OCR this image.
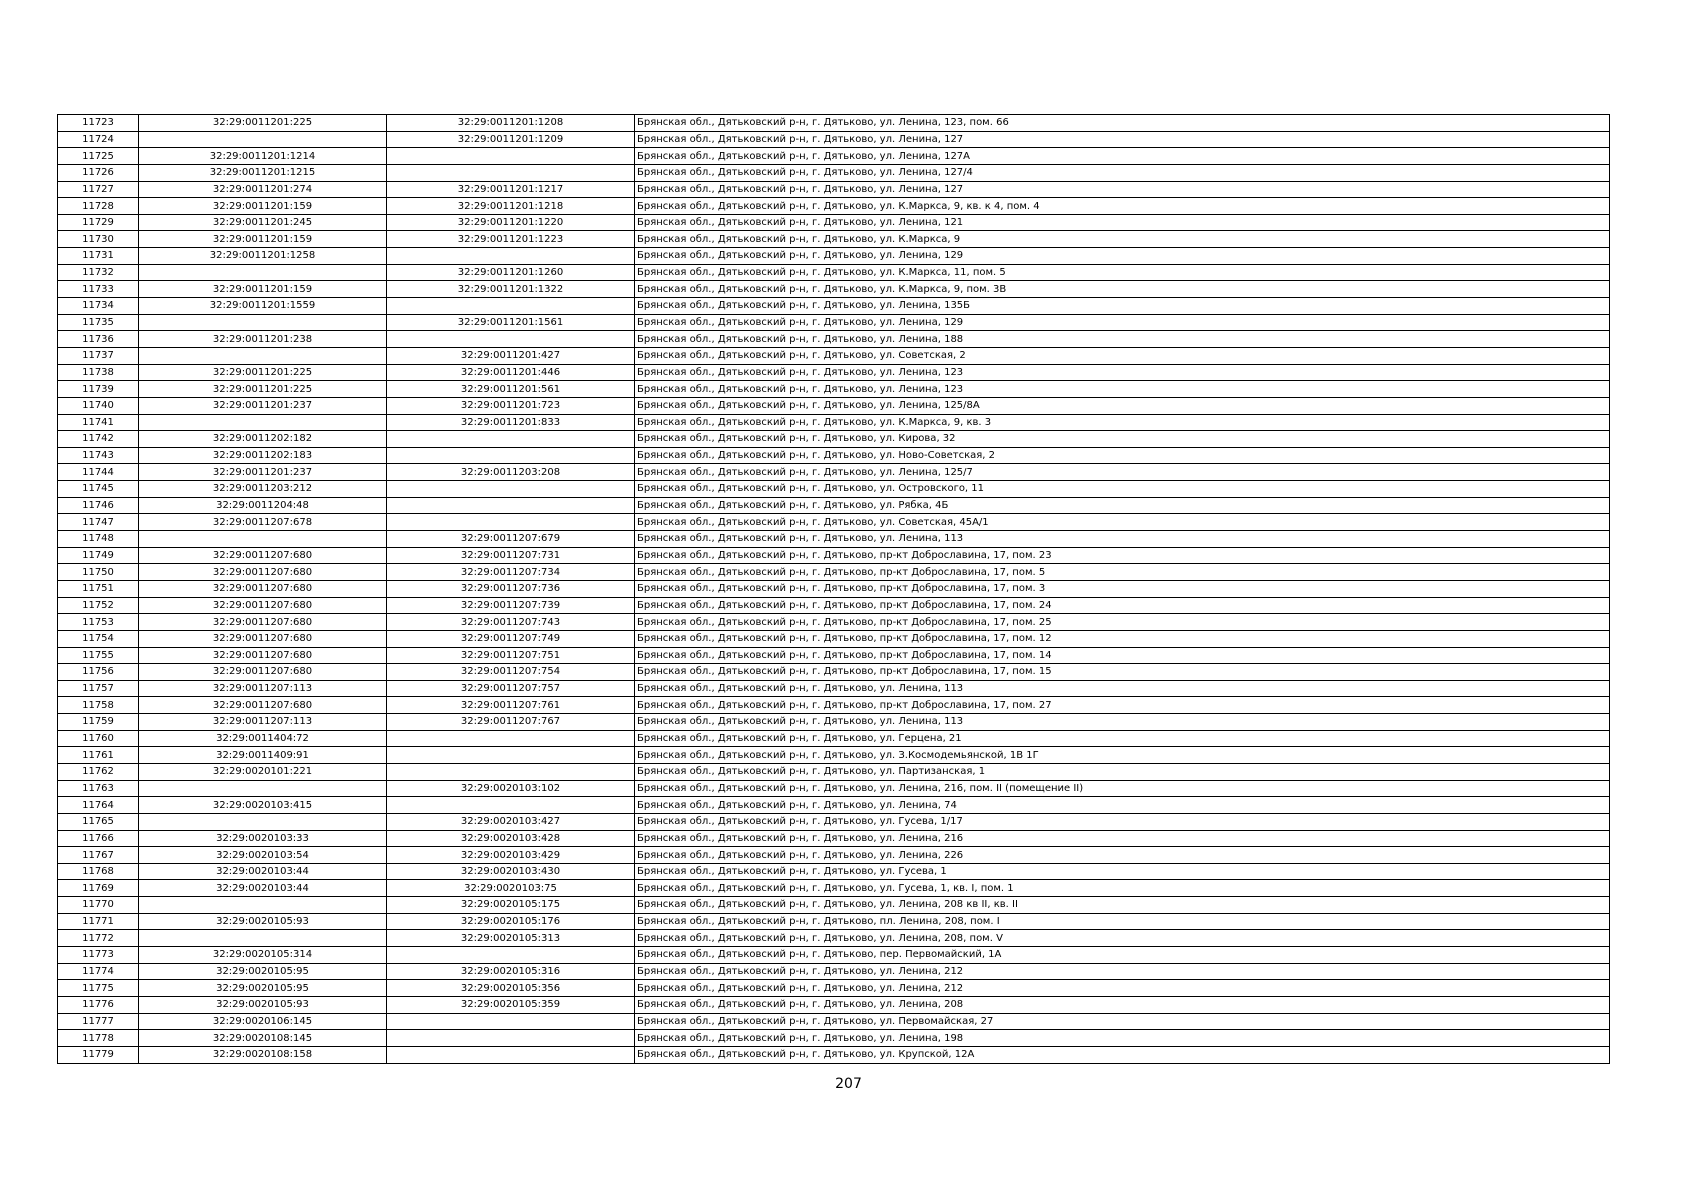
11723	32:29:0011201:225	32:29:0011201:1208	Брянская обл., Дятьковский р-н, г. Дятьково, ул. Ленина, 123, пом. 66
11724		32:29:0011201:1209	Брянская обл., Дятьковский р-н, г. Дятьково, ул. Ленина, 127
11725	32:29:0011201:1214		Брянская обл., Дятьковский р-н, г. Дятьково, ул. Ленина, 127А
11726	32:29:0011201:1215		Брянская обл., Дятьковский р-н, г. Дятьково, ул. Ленина, 127/4
11727	32:29:0011201:274	32:29:0011201:1217	Брянская обл., Дятьковский р-н, г. Дятьково, ул. Ленина, 127
11728	32:29:0011201:159	32:29:0011201:1218	Брянская обл., Дятьковский р-н, г. Дятьково, ул. К.Маркса, 9, кв. к 4, пом. 4
11729	32:29:0011201:245	32:29:0011201:1220	Брянская обл., Дятьковский р-н, г. Дятьково, ул. Ленина, 121
11730	32:29:0011201:159	32:29:0011201:1223	Брянская обл., Дятьковский р-н, г. Дятьково, ул. К.Маркса, 9
11731	32:29:0011201:1258		Брянская обл., Дятьковский р-н, г. Дятьково, ул. Ленина, 129
11732		32:29:0011201:1260	Брянская обл., Дятьковский р-н, г. Дятьково, ул. К.Маркса, 11, пом. 5
11733	32:29:0011201:159	32:29:0011201:1322	Брянская обл., Дятьковский р-н, г. Дятьково, ул. К.Маркса, 9, пом. 3В
11734	32:29:0011201:1559		Брянская обл., Дятьковский р-н, г. Дятьково, ул. Ленина, 135Б
11735		32:29:0011201:1561	Брянская обл., Дятьковский р-н, г. Дятьково, ул. Ленина, 129
11736	32:29:0011201:238		Брянская обл., Дятьковский р-н, г. Дятьково, ул. Ленина, 188
11737		32:29:0011201:427	Брянская обл., Дятьковский р-н, г. Дятьково, ул. Советская, 2
11738	32:29:0011201:225	32:29:0011201:446	Брянская обл., Дятьковский р-н, г. Дятьково, ул. Ленина, 123
11739	32:29:0011201:225	32:29:0011201:561	Брянская обл., Дятьковский р-н, г. Дятьково, ул. Ленина, 123
11740	32:29:0011201:237	32:29:0011201:723	Брянская обл., Дятьковский р-н, г. Дятьково, ул. Ленина, 125/8А
11741		32:29:0011201:833	Брянская обл., Дятьковский р-н, г. Дятьково, ул. К.Маркса, 9, кв. 3
11742	32:29:0011202:182		Брянская обл., Дятьковский р-н, г. Дятьково, ул. Кирова, 32
11743	32:29:0011202:183		Брянская обл., Дятьковский р-н, г. Дятьково, ул. Ново-Советская, 2
11744	32:29:0011201:237	32:29:0011203:208	Брянская обл., Дятьковский р-н, г. Дятьково, ул. Ленина, 125/7
11745	32:29:0011203:212		Брянская обл., Дятьковский р-н, г. Дятьково, ул. Островского, 11
11746	32:29:0011204:48		Брянская обл., Дятьковский р-н, г. Дятьково, ул. Рябка, 4Б
11747	32:29:0011207:678		Брянская обл., Дятьковский р-н, г. Дятьково, ул. Советская, 45А/1
11748		32:29:0011207:679	Брянская обл., Дятьковский р-н, г. Дятьково, ул. Ленина, 113
11749	32:29:0011207:680	32:29:0011207:731	Брянская обл., Дятьковский р-н, г. Дятьково, пр-кт Доброславина, 17, пом. 23
11750	32:29:0011207:680	32:29:0011207:734	Брянская обл., Дятьковский р-н, г. Дятьково, пр-кт Доброславина, 17, пом. 5
11751	32:29:0011207:680	32:29:0011207:736	Брянская обл., Дятьковский р-н, г. Дятьково, пр-кт Доброславина, 17, пом. 3
11752	32:29:0011207:680	32:29:0011207:739	Брянская обл., Дятьковский р-н, г. Дятьково, пр-кт Доброславина, 17, пом. 24
11753	32:29:0011207:680	32:29:0011207:743	Брянская обл., Дятьковский р-н, г. Дятьково, пр-кт Доброславина, 17, пом. 25
11754	32:29:0011207:680	32:29:0011207:749	Брянская обл., Дятьковский р-н, г. Дятьково, пр-кт Доброславина, 17, пом. 12
11755	32:29:0011207:680	32:29:0011207:751	Брянская обл., Дятьковский р-н, г. Дятьково, пр-кт Доброславина, 17, пом. 14
11756	32:29:0011207:680	32:29:0011207:754	Брянская обл., Дятьковский р-н, г. Дятьково, пр-кт Доброславина, 17, пом. 15
11757	32:29:0011207:113	32:29:0011207:757	Брянская обл., Дятьковский р-н, г. Дятьково, ул. Ленина, 113
11758	32:29:0011207:680	32:29:0011207:761	Брянская обл., Дятьковский р-н, г. Дятьково, пр-кт Доброславина, 17, пом. 27
11759	32:29:0011207:113	32:29:0011207:767	Брянская обл., Дятьковский р-н, г. Дятьково, ул. Ленина, 113
11760	32:29:0011404:72		Брянская обл., Дятьковский р-н, г. Дятьково, ул. Герцена, 21
11761	32:29:0011409:91		Брянская обл., Дятьковский р-н, г. Дятьково, ул. З.Космодемьянской, 1В 1Г
11762	32:29:0020101:221		Брянская обл., Дятьковский р-н, г. Дятьково, ул. Партизанская, 1
11763		32:29:0020103:102	Брянская обл., Дятьковский р-н, г. Дятьково, ул. Ленина, 216, пом. II (помещение II)
11764	32:29:0020103:415		Брянская обл., Дятьковский р-н, г. Дятьково, ул. Ленина, 74
11765		32:29:0020103:427	Брянская обл., Дятьковский р-н, г. Дятьково, ул. Гусева, 1/17
11766	32:29:0020103:33	32:29:0020103:428	Брянская обл., Дятьковский р-н, г. Дятьково, ул. Ленина, 216
11767	32:29:0020103:54	32:29:0020103:429	Брянская обл., Дятьковский р-н, г. Дятьково, ул. Ленина, 226
11768	32:29:0020103:44	32:29:0020103:430	Брянская обл., Дятьковский р-н, г. Дятьково, ул. Гусева, 1
11769	32:29:0020103:44	32:29:0020103:75	Брянская обл., Дятьковский р-н, г. Дятьково, ул. Гусева, 1, кв. I, пом. 1
11770		32:29:0020105:175	Брянская обл., Дятьковский р-н, г. Дятьково, ул. Ленина, 208 кв II, кв. II
11771	32:29:0020105:93	32:29:0020105:176	Брянская обл., Дятьковский р-н, г. Дятьково, пл. Ленина, 208, пом. I
11772		32:29:0020105:313	Брянская обл., Дятьковский р-н, г. Дятьково, ул. Ленина, 208, пом. V
11773	32:29:0020105:314		Брянская обл., Дятьковский р-н, г. Дятьково, пер. Первомайский, 1А
11774	32:29:0020105:95	32:29:0020105:316	Брянская обл., Дятьковский р-н, г. Дятьково, ул. Ленина, 212
11775	32:29:0020105:95	32:29:0020105:356	Брянская обл., Дятьковский р-н, г. Дятьково, ул. Ленина, 212
11776	32:29:0020105:93	32:29:0020105:359	Брянская обл., Дятьковский р-н, г. Дятьково, ул. Ленина, 208
11777	32:29:0020106:145		Брянская обл., Дятьковский р-н, г. Дятьково, ул. Первомайская, 27
11778	32:29:0020108:145		Брянская обл., Дятьковский р-н, г. Дятьково, ул. Ленина, 198
11779	32:29:0020108:158		Брянская обл., Дятьковский р-н, г. Дятьково, ул. Крупской, 12А
207
